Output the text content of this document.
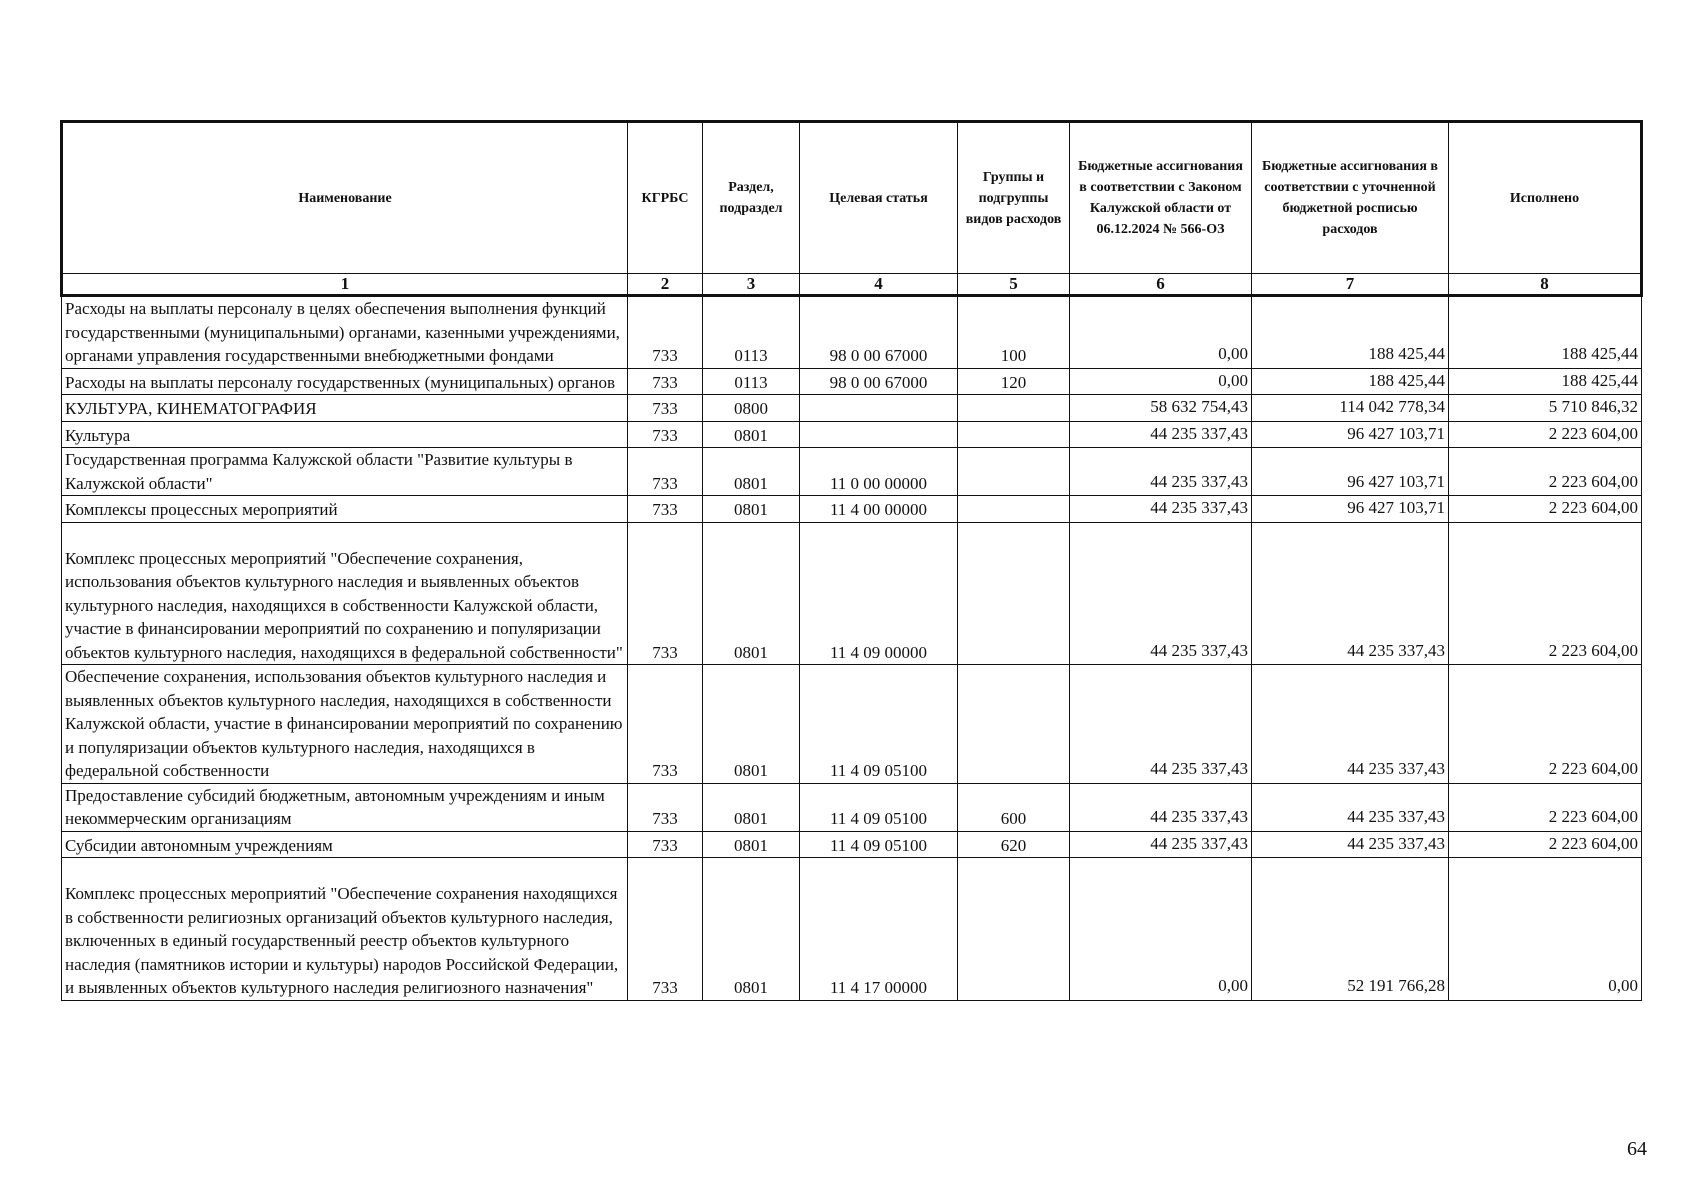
Наименование	КГРБС	Раздел, подраздел	Целевая статья	Группы и подгруппы видов расходов	Бюджетные ассигнования в соответствии с Законом Калужской области от 06.12.2024 № 566-ОЗ	Бюджетные ассигнования в соответствии с уточненной бюджетной росписью расходов	Исполнено
1	2	3	4	5	6	7	8
Расходы на выплаты персоналу в целях обеспечения выполнения функций государственными (муниципальными) органами, казенными учреждениями, органами управления государственными внебюджетными фондами	733	0113	98 0 00 67000	100	0,00	188 425,44	188 425,44
Расходы на выплаты персоналу государственных (муниципальных) органов	733	0113	98 0 00 67000	120	0,00	188 425,44	188 425,44
КУЛЬТУРА, КИНЕМАТОГРАФИЯ	733	0800			58 632 754,43	114 042 778,34	5 710 846,32
Культура	733	0801			44 235 337,43	96 427 103,71	2 223 604,00
Государственная программа Калужской области "Развитие культуры в Калужской области"	733	0801	11 0 00 00000		44 235 337,43	96 427 103,71	2 223 604,00
Комплексы процессных мероприятий	733	0801	11 4 00 00000		44 235 337,43	96 427 103,71	2 223 604,00
Комплекс процессных мероприятий "Обеспечение сохранения, использования объектов культурного наследия и выявленных объектов культурного наследия, находящихся в собственности Калужской области, участие в финансировании мероприятий по сохранению и популяризации объектов культурного наследия, находящихся в федеральной собственности"	733	0801	11 4 09 00000		44 235 337,43	44 235 337,43	2 223 604,00
Обеспечение сохранения, использования объектов культурного наследия и выявленных объектов культурного наследия, находящихся в собственности Калужской области, участие в финансировании мероприятий по сохранению и популяризации объектов культурного наследия, находящихся в федеральной собственности	733	0801	11 4 09 05100		44 235 337,43	44 235 337,43	2 223 604,00
Предоставление субсидий бюджетным, автономным учреждениям и иным некоммерческим организациям	733	0801	11 4 09 05100	600	44 235 337,43	44 235 337,43	2 223 604,00
Субсидии автономным учреждениям	733	0801	11 4 09 05100	620	44 235 337,43	44 235 337,43	2 223 604,00
Комплекс процессных мероприятий "Обеспечение сохранения находящихся в собственности религиозных организаций объектов культурного наследия, включенных в единый государственный реестр объектов культурного наследия (памятников истории и культуры) народов Российской Федерации, и выявленных объектов культурного наследия религиозного назначения"	733	0801	11 4 17 00000		0,00	52 191 766,28	0,00
64
